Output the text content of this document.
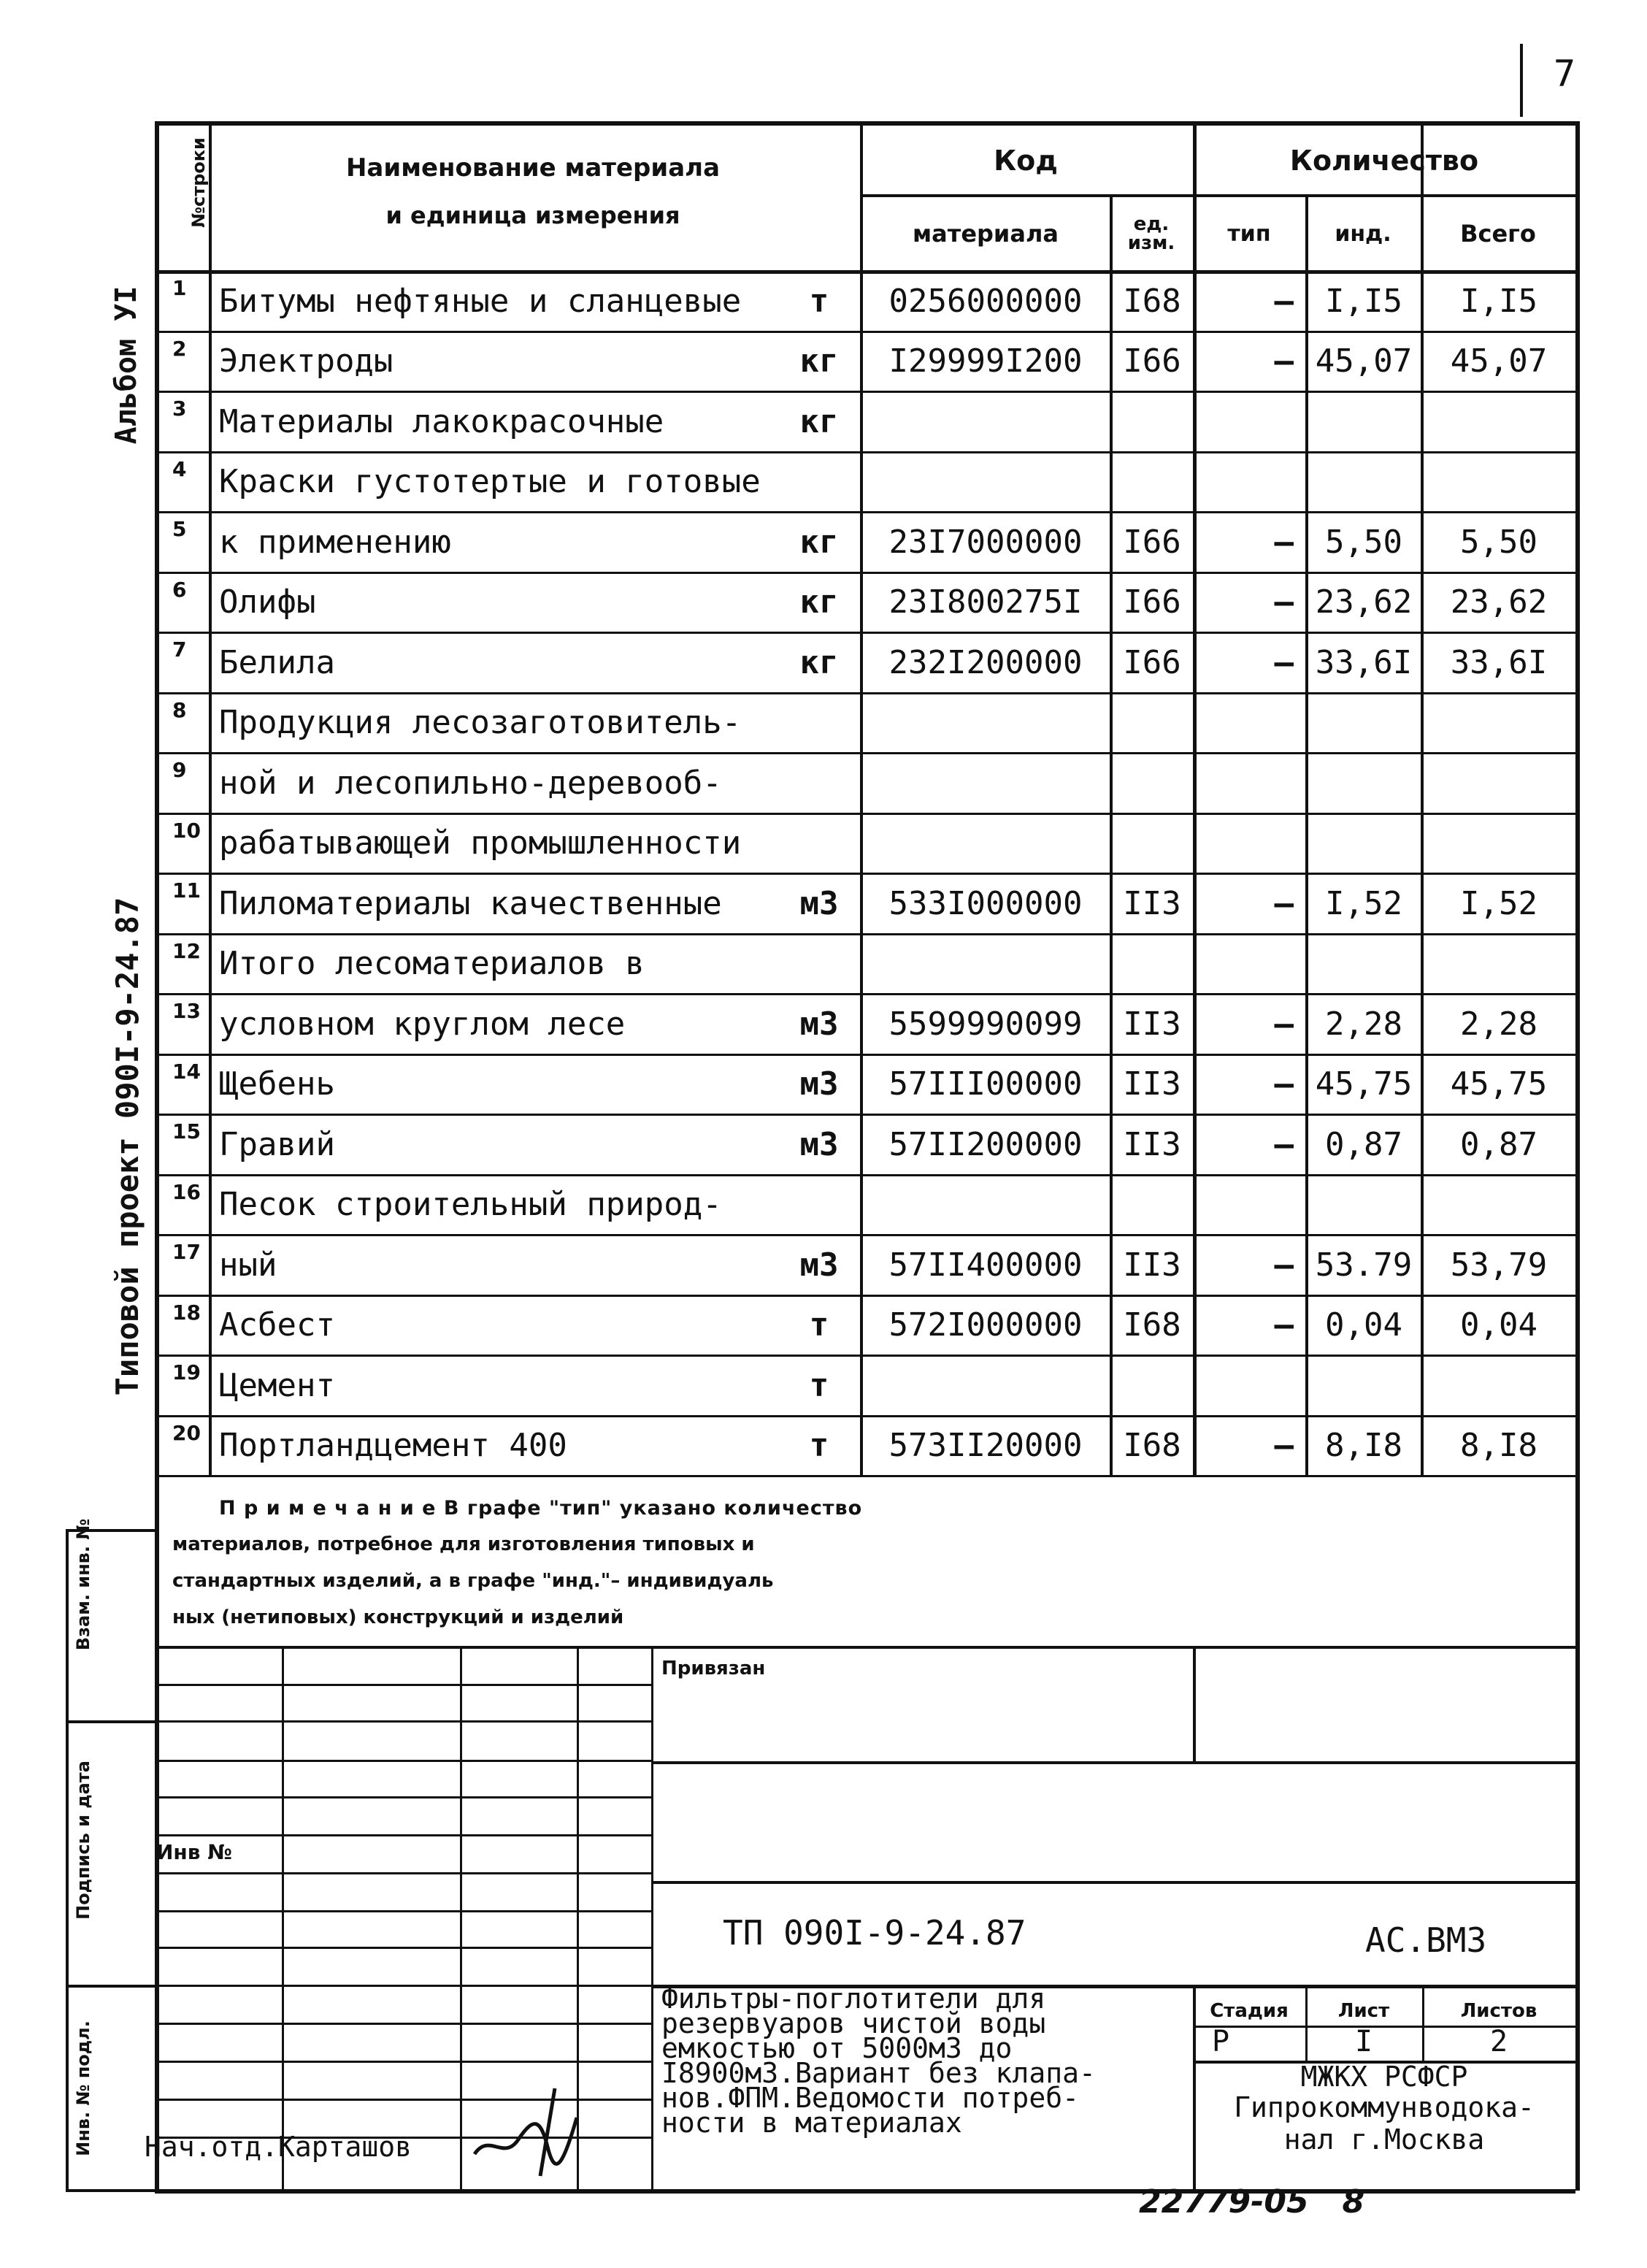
7
Альбом УI
Типовой проект 090I-9-24.87
№строки	Наименование материала
и единица измерения
Код	Количество
материала	ед. изм.	тип	инд.	Всего
1	Битумы нефтяные и сланцевые	т	0256000000	I68	– I,I5	I,I5
2	Электроды	кг	I29999I200	I66	– 45,07	45,07
3	Материалы лакокрасочные	кг
4	Краски густотертые и готовые
5	к применению	кг	23I7000000	I66	– 5,50	5,50
6	Олифы	кг	23I800275I	I66	– 23,62	23,62
7	Белила	кг	232I200000	I66	– 33,6I	33,6I
8	Продукция лесозаготовитель-
9	ной и лесопильно-деревооб-
10 рабатывающей промышленности
11 Пиломатериалы качественные	м3	533I000000	II3	– I,52	I,52
12 Итого лесоматериалов в
13 условном круглом лесе	м3	5599990099	II3	– 2,28	2,28
14 Щебень	м3	57III00000	II3	– 45,75	45,75
15 Гравий	м3	57II200000	II3	– 0,87	0,87
16 Песок строительный природ-
17 ный	м3	57II400000	II3	– 53.79	53,79
18 Асбест	т	572I000000	I68	– 0,04	0,04
19 Цемент	т
20 Портландцемент 400	т	573II20000	I68	– 8,I8	8,I8
П р и м е ч а н и е В графе "тип" указано количество
материалов, потребное для изготовления типовых и
стандартных изделий, а в графе "инд."– индивидуаль
ных (нетиповых) конструкций и изделий
Взам. инв. №
Подпись и дата
Инв. № подл.
Привязан
Инв №
ТП 090I-9-24.87	АС.ВМ3
Фильтры-поглотители для
резервуаров чистой воды
емкостью от 5000м3 до
I8900м3.Вариант без клапа-
нов.ФПМ.Ведомости потреб-
ности в материалах
Стадия	Лист	Листов
Р	I	2
МЖКХ РСФСР
Гипрокоммунводока-
нал г.Москва
Нач.отд.Карташов
22779-05   8
